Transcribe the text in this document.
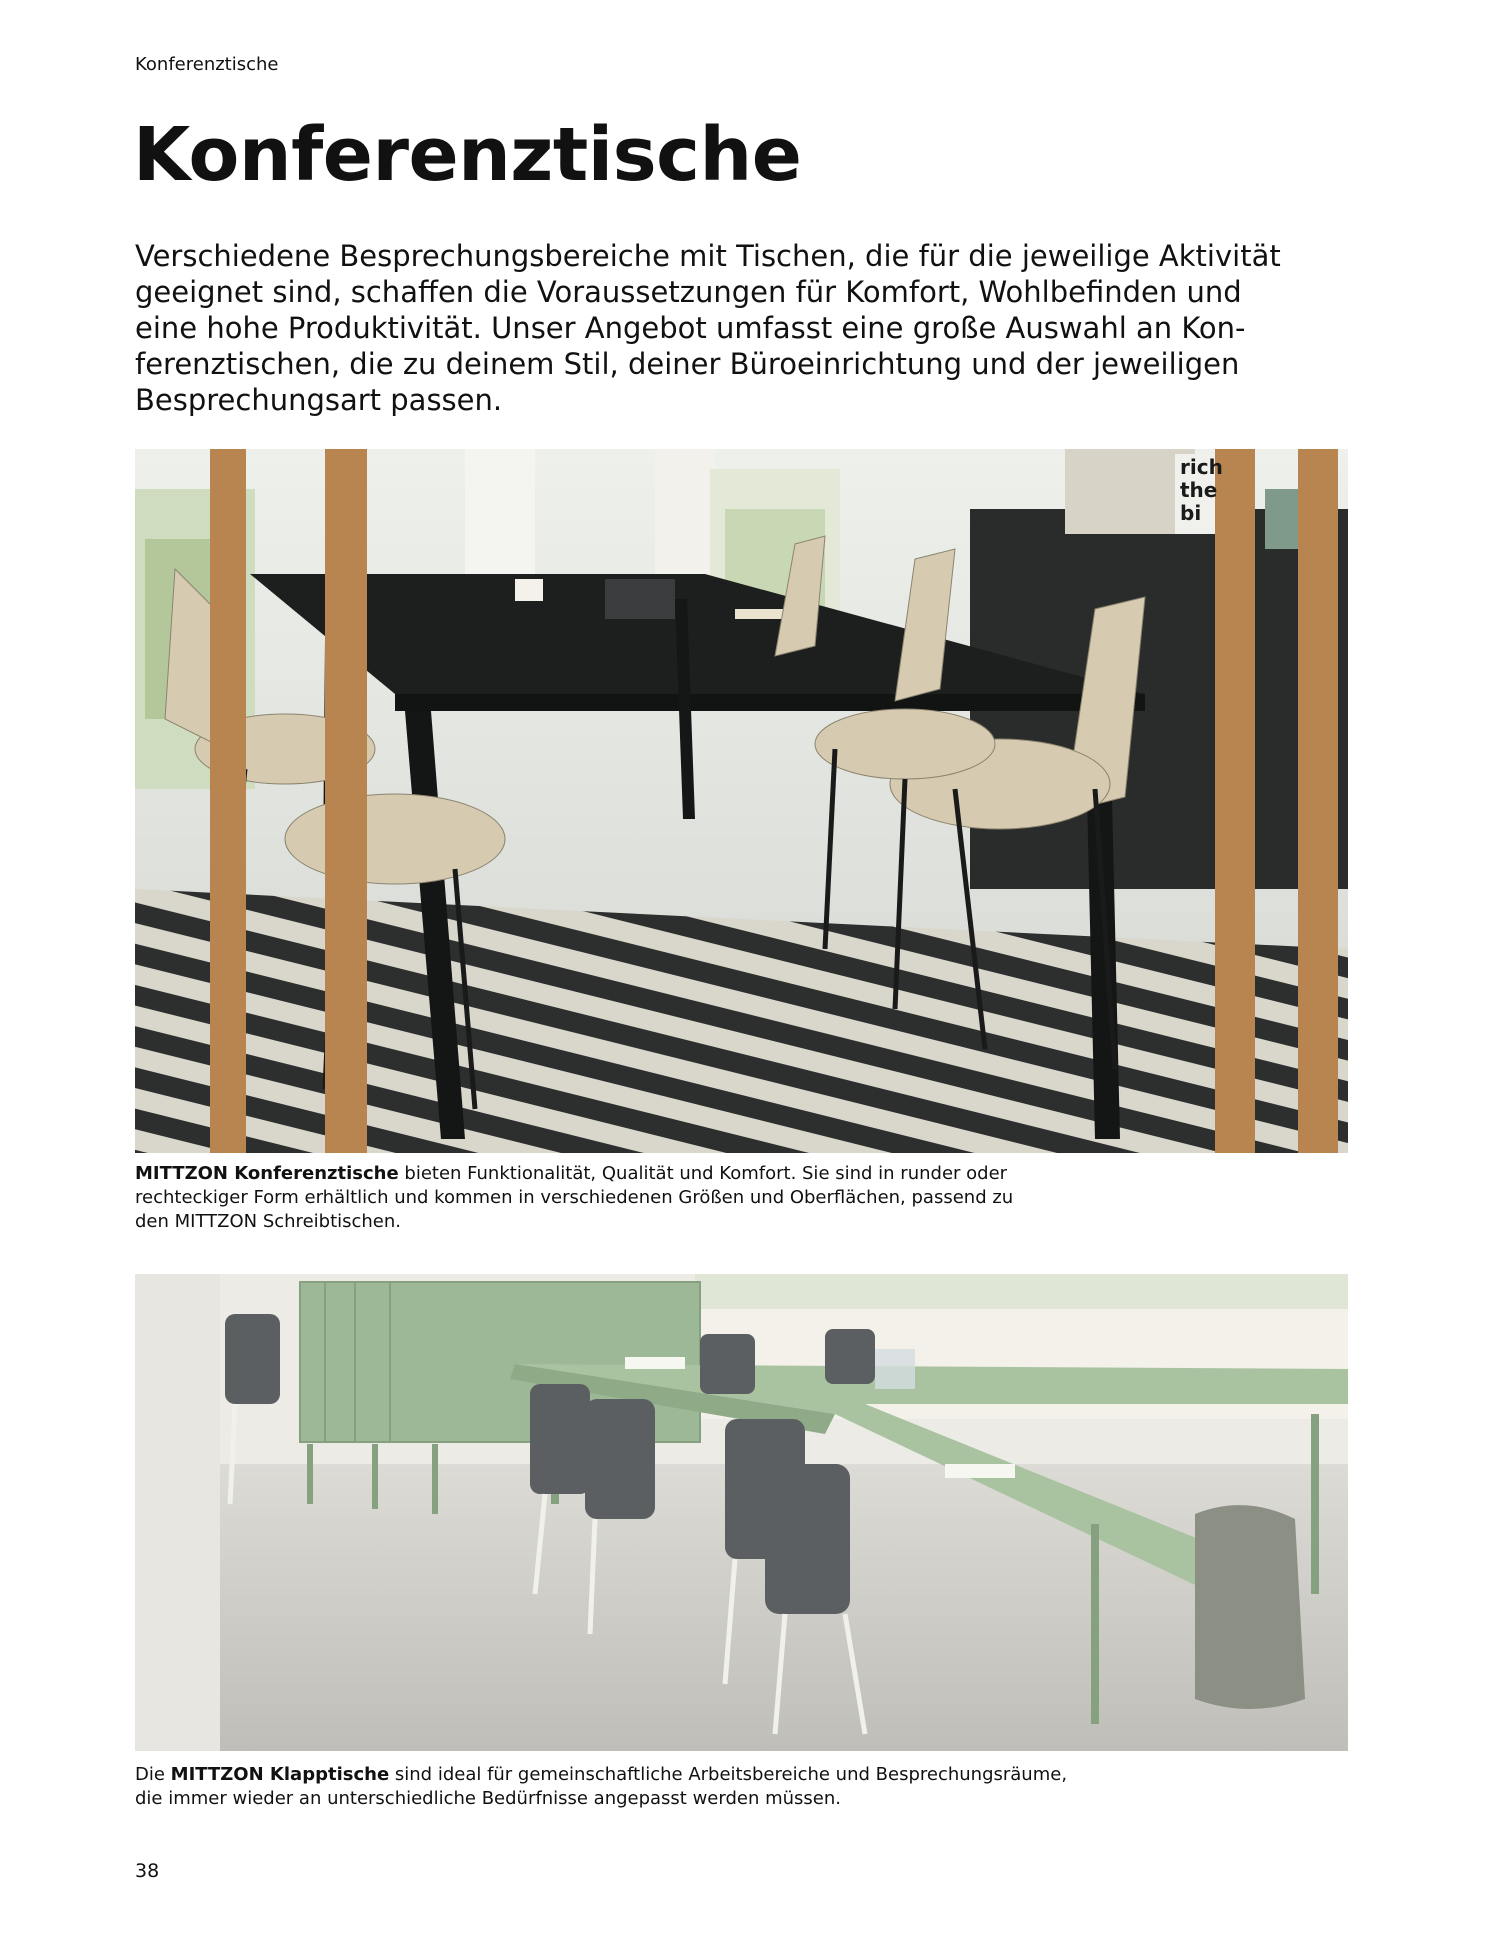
Konferenztische
Konferenztische
Verschiedene Besprechungsbereiche mit Tischen, die für die jeweilige Aktivität
geeignet sind, schaffen die Voraussetzungen für Komfort, Wohlbefinden und
eine hohe Produktivität. Unser Angebot umfasst eine große Auswahl an Kon-
ferenztischen, die zu deinem Stil, deiner Büroeinrichtung und der jeweiligen
Besprechungsart passen.
rich
the
bi
MITTZON Konferenztische bieten Funktionalität, Qualität und Komfort. Sie sind in runder oder
rechteckiger Form erhältlich und kommen in verschiedenen Größen und Oberflächen, passend zu
den MITTZON Schreibtischen.
Die MITTZON Klapptische sind ideal für gemeinschaftliche Arbeitsbereiche und Besprechungsräume,
die immer wieder an unterschiedliche Bedürfnisse angepasst werden müssen.
38
